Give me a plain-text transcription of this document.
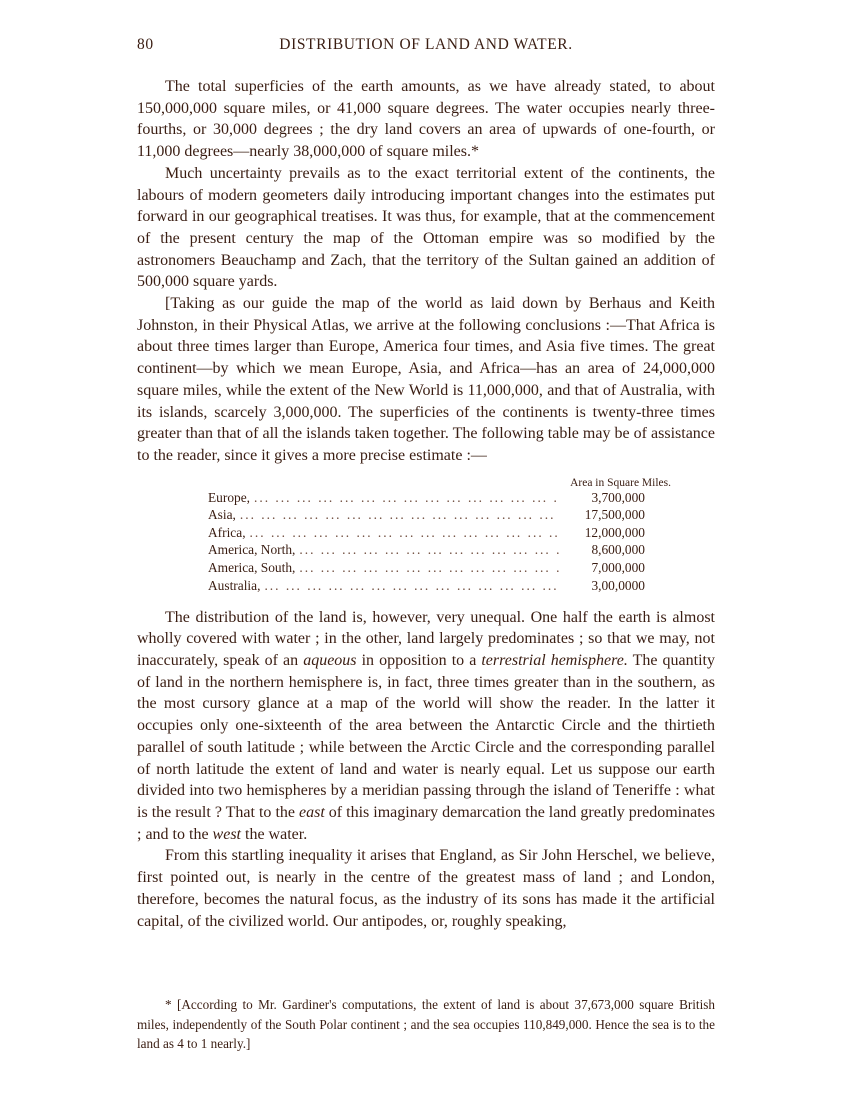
80	DISTRIBUTION OF LAND AND WATER.

The total superficies of the earth amounts, as we have already stated, to about 150,000,000 square miles, or 41,000 square degrees. The water occupies nearly three-fourths, or 30,000 degrees ; the dry land covers an area of upwards of one-fourth, or 11,000 degrees—nearly 38,000,000 of square miles.*

Much uncertainty prevails as to the exact territorial extent of the continents, the labours of modern geometers daily introducing important changes into the estimates put forward in our geographical treatises. It was thus, for example, that at the commencement of the present century the map of the Ottoman empire was so modified by the astronomers Beauchamp and Zach, that the territory of the Sultan gained an addition of 500,000 square yards.

[Taking as our guide the map of the world as laid down by Berhaus and Keith Johnston, in their Physical Atlas, we arrive at the following conclusions :—That Africa is about three times larger than Europe, America four times, and Asia five times. The great continent—by which we mean Europe, Asia, and Africa—has an area of 24,000,000 square miles, while the extent of the New World is 11,000,000, and that of Australia, with its islands, scarcely 3,000,000. The superficies of the continents is twenty-three times greater than that of all the islands taken together. The following table may be of assistance to the reader, since it gives a more precise estimate :—

Area in Square Miles.
Europe, ... .	3,700,000
Asia, ... .	17,500,000
Africa, ... .	12,000,000
America, North, ... .	8,600,000
America, South, ... .	7,000,000
Australia, ... .	3,00,0000

The distribution of the land is, however, very unequal. One half the earth is almost wholly covered with water ; in the other, land largely predominates ; so that we may, not inaccurately, speak of an aqueous in opposition to a terrestrial hemisphere. The quantity of land in the northern hemisphere is, in fact, three times greater than in the southern, as the most cursory glance at a map of the world will show the reader. In the latter it occupies only one-sixteenth of the area between the Antarctic Circle and the thirtieth parallel of south latitude ; while between the Arctic Circle and the corresponding parallel of north latitude the extent of land and water is nearly equal. Let us suppose our earth divided into two hemispheres by a meridian passing through the island of Teneriffe : what is the result ? That to the east of this imaginary demarcation the land greatly predominates ; and to the west the water.

From this startling inequality it arises that England, as Sir John Herschel, we believe, first pointed out, is nearly in the centre of the greatest mass of land ; and London, therefore, becomes the natural focus, as the industry of its sons has made it the artificial capital, of the civilized world. Our antipodes, or, roughly speaking,

* [According to Mr. Gardiner's computations, the extent of land is about 37,673,000 square British miles, independently of the South Polar continent ; and the sea occupies 110,849,000. Hence the sea is to the land as 4 to 1 nearly.]
